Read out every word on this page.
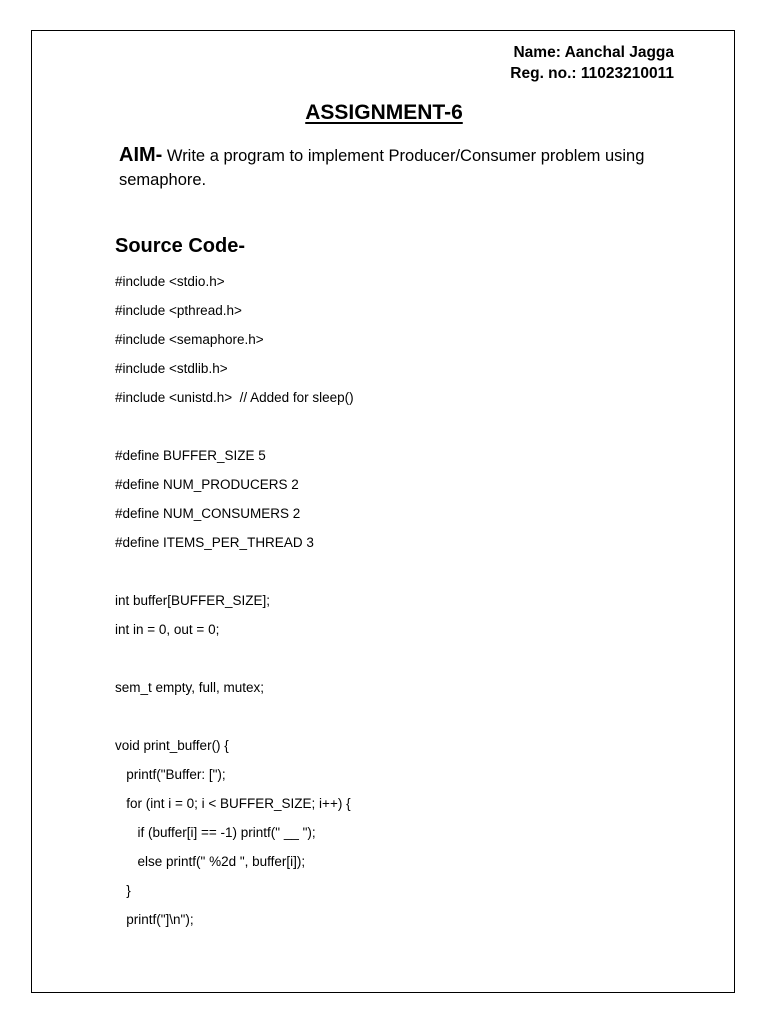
Name: Aanchal Jagga
Reg. no.: 11023210011
ASSIGNMENT-6
AIM- Write a program to implement Producer/Consumer problem using semaphore.
Source Code-
#include <stdio.h>
#include <pthread.h>
#include <semaphore.h>
#include <stdlib.h>
#include <unistd.h>  // Added for sleep()
#define BUFFER_SIZE 5
#define NUM_PRODUCERS 2
#define NUM_CONSUMERS 2
#define ITEMS_PER_THREAD 3
int buffer[BUFFER_SIZE];
int in = 0, out = 0;
sem_t empty, full, mutex;
void print_buffer() {
printf("Buffer: [");
for (int i = 0; i < BUFFER_SIZE; i++) {
if (buffer[i] == -1) printf(" __ ");
else printf(" %2d ", buffer[i]);
}
printf("]\n");
